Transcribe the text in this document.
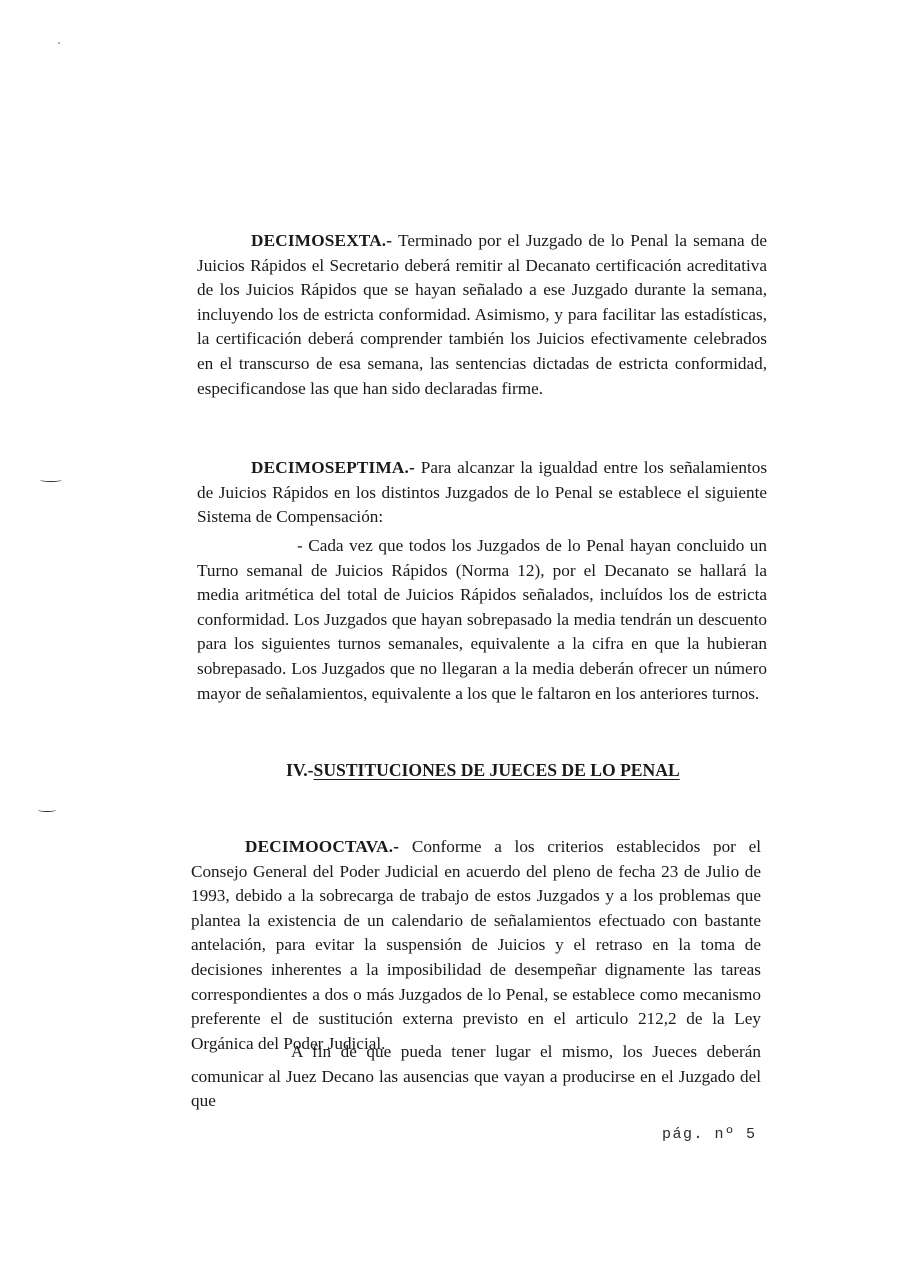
DECIMOSEXTA.- Terminado por el Juzgado de lo Penal la semana de Juicios Rápidos el Secretario deberá remitir al Decanato certificación acreditativa de los Juicios Rápidos que se hayan señalado a ese Juzgado durante la semana, incluyendo los de estricta conformidad. Asimismo, y para facilitar las estadísticas, la certificación deberá comprender también los Juicios efectivamente celebrados en el transcurso de esa semana, las sentencias dictadas de estricta conformidad, especificandose las que han sido declaradas firme.

DECIMOSEPTIMA.- Para alcanzar la igualdad entre los señalamientos de Juicios Rápidos en los distintos Juzgados de lo Penal se establece el siguiente Sistema de Compensación:

- Cada vez que todos los Juzgados de lo Penal hayan concluido un Turno semanal de Juicios Rápidos (Norma 12), por el Decanato se hallará la media aritmética del total de Juicios Rápidos señalados, incluídos los de estricta conformidad. Los Juzgados que hayan sobrepasado la media tendrán un descuento para los siguientes turnos semanales, equivalente a la cifra en que la hubieran sobrepasado. Los Juzgados que no llegaran a la media deberán ofrecer un número mayor de señalamientos, equivalente a los que le faltaron en los anteriores turnos.

IV.-SUSTITUCIONES DE JUECES DE LO PENAL

DECIMOOCTAVA.- Conforme a los criterios establecidos por el Consejo General del Poder Judicial en acuerdo del pleno de fecha 23 de Julio de 1993, debido a la sobrecarga de trabajo de estos Juzgados y a los problemas que plantea la existencia de un calendario de señalamientos efectuado con bastante antelación, para evitar la suspensión de Juicios y el retraso en la toma de decisiones inherentes a la imposibilidad de desempeñar dignamente las tareas correspondientes a dos o más Juzgados de lo Penal, se establece como mecanismo preferente el de sustitución externa previsto en el articulo 212,2 de la Ley Orgánica del Poder Judicial.

A fin de que pueda tener lugar el mismo, los Jueces deberán comunicar al Juez Decano las ausencias que vayan a producirse en el Juzgado del que

pág. nº 5
